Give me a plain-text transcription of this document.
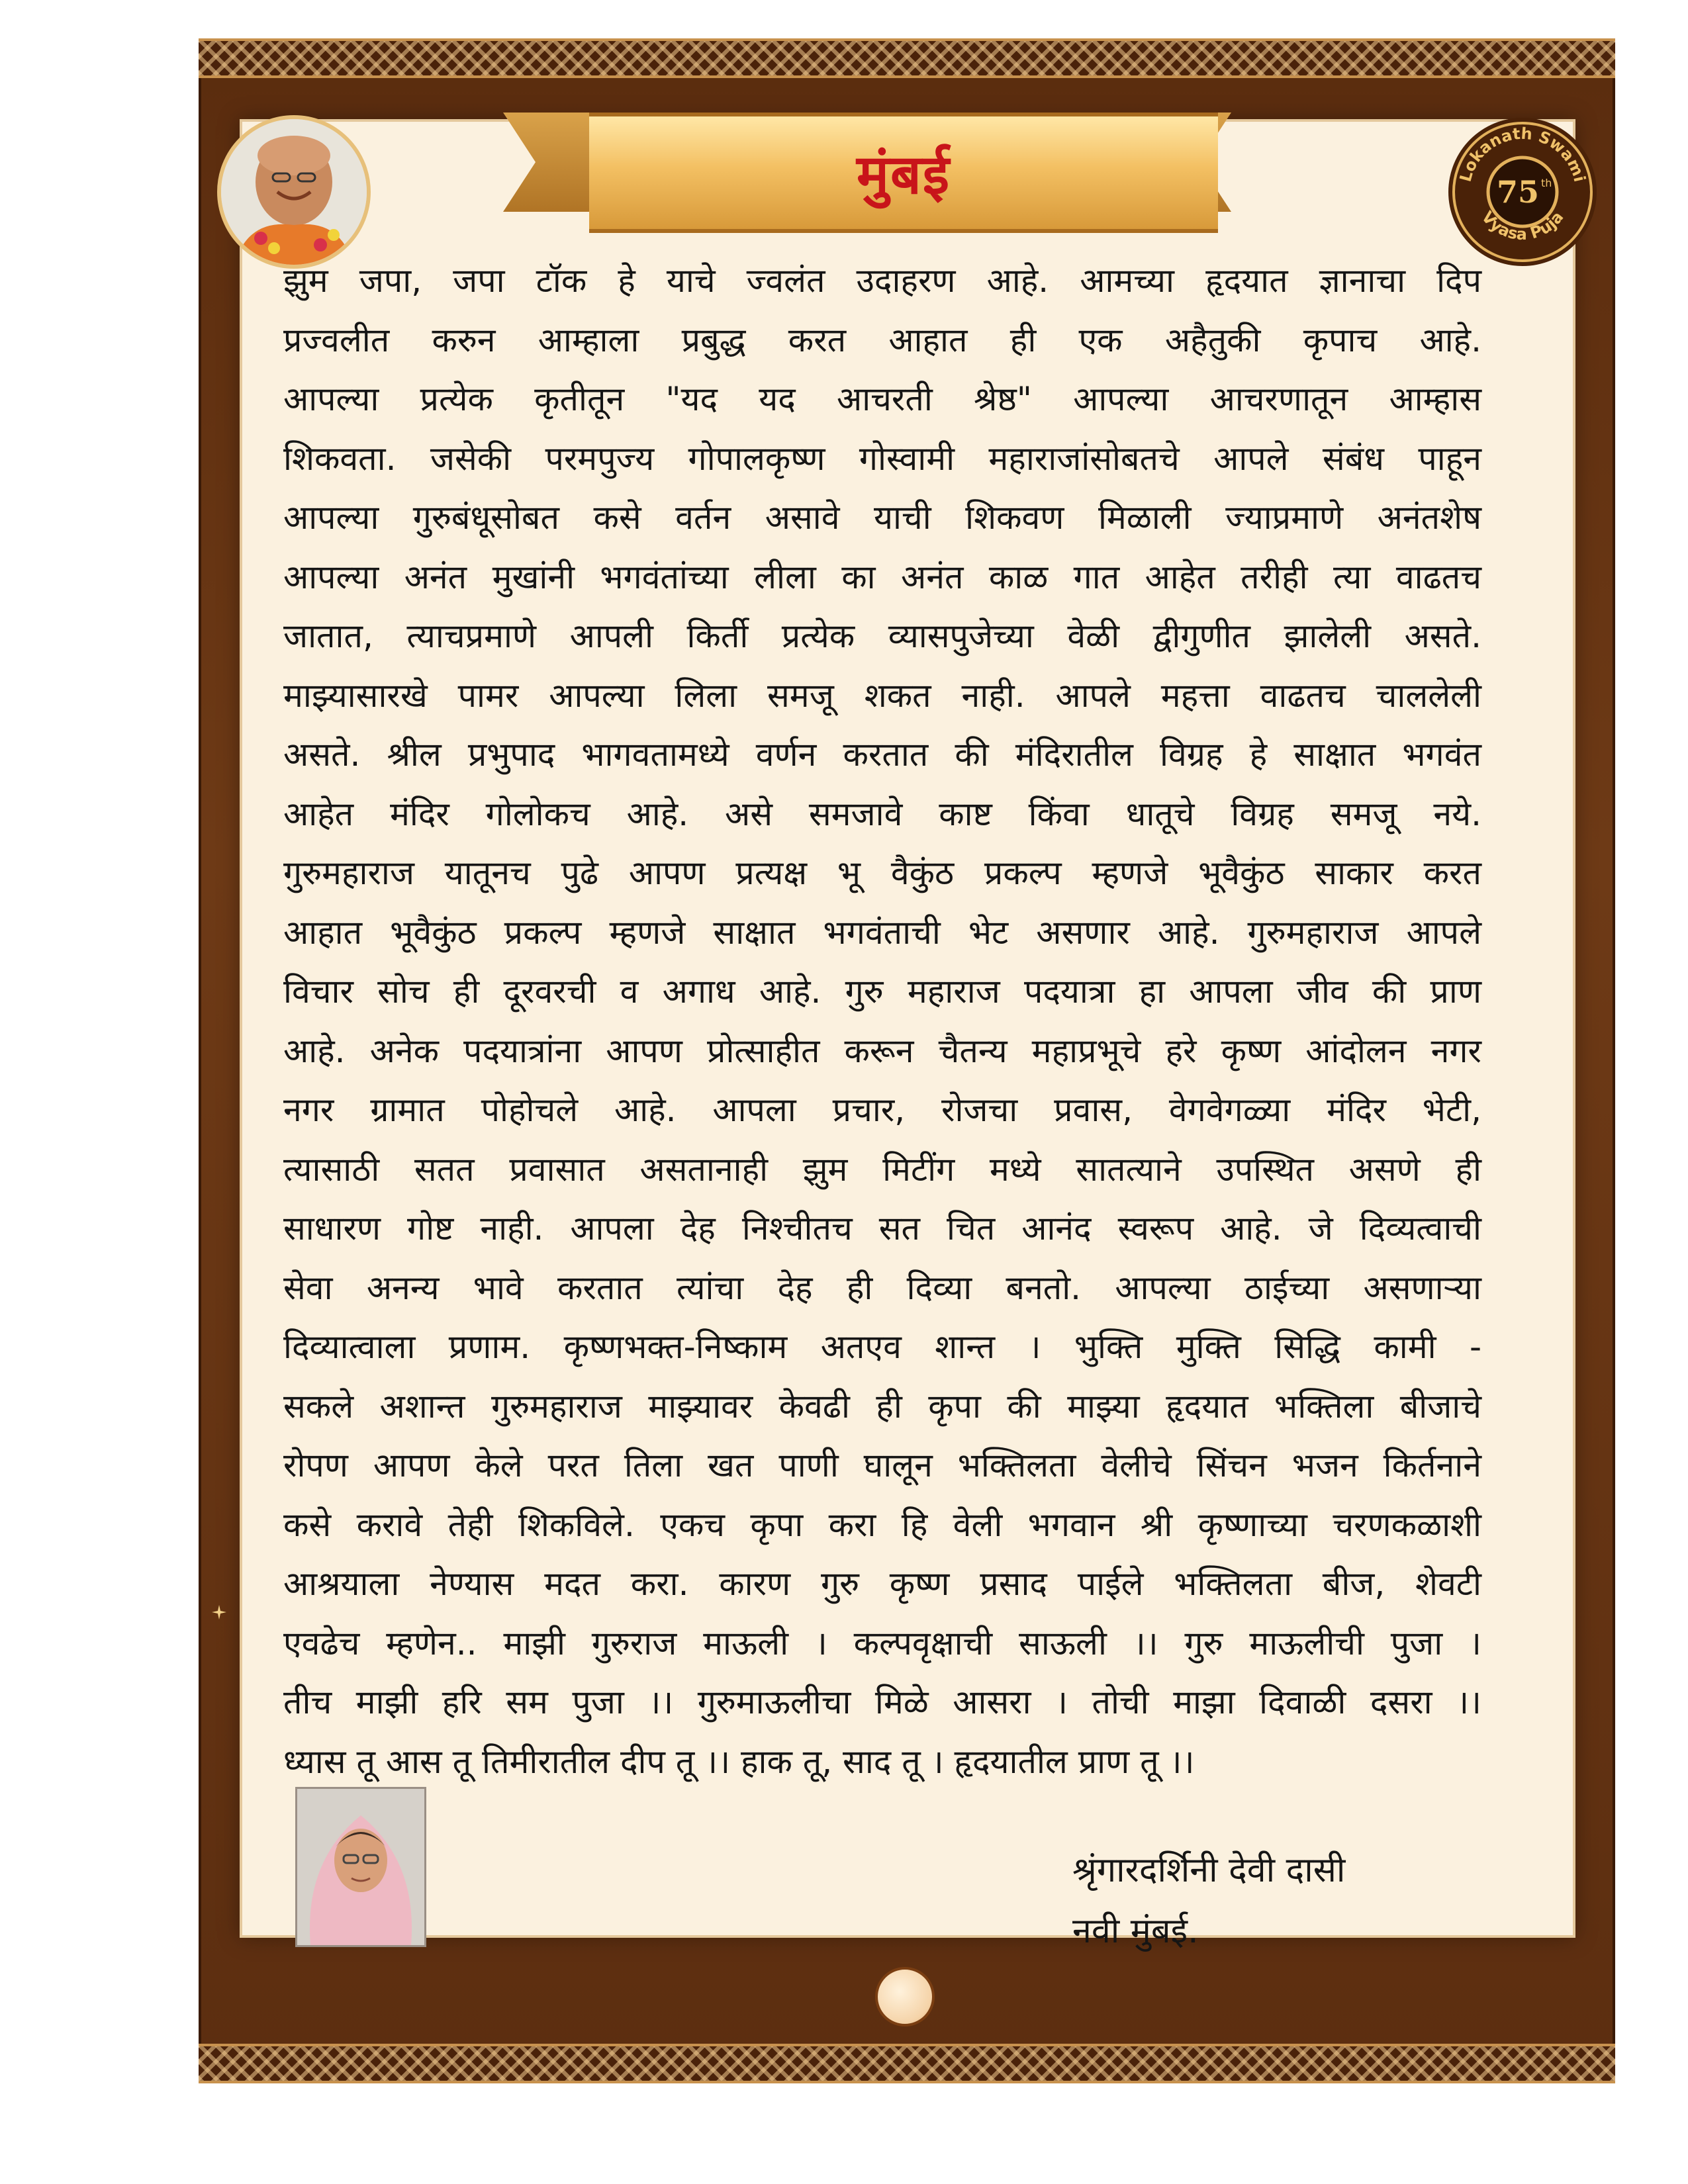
मुंबई	Lokanath Swami
Vyasa Puja
75 th
झुम जपा, जपा टॉक हे याचे ज्वलंत उदाहरण आहे. आमच्या हृदयात ज्ञानाचा दिप
प्रज्वलीत करुन आम्हाला प्रबुद्ध करत आहात ही एक अहैतुकी कृपाच आहे.
आपल्या प्रत्येक कृतीतून "यद यद आचरती श्रेष्ठ" आपल्या आचरणातून आम्हास
शिकवता. जसेकी परमपुज्य गोपालकृष्ण गोस्वामी महाराजांसोबतचे आपले संबंध पाहून
आपल्या गुरुबंधूसोबत कसे वर्तन असावे याची शिकवण मिळाली ज्याप्रमाणे अनंतशेष
आपल्या अनंत मुखांनी भगवंतांच्या लीला का अनंत काळ गात आहेत तरीही त्या वाढतच
जातात, त्याचप्रमाणे आपली किर्ती प्रत्येक व्यासपुजेच्या वेळी द्वीगुणीत झालेली असते.
माझ्यासारखे पामर आपल्या लिला समजू शकत नाही. आपले महत्ता वाढतच चाललेली
असते. श्रील प्रभुपाद भागवतामध्ये वर्णन करतात की मंदिरातील विग्रह हे साक्षात भगवंत
आहेत मंदिर गोलोकच आहे. असे समजावे काष्ट किंवा धातूचे विग्रह समजू नये.
गुरुमहाराज यातूनच पुढे आपण प्रत्यक्ष भू वैकुंठ प्रकल्प म्हणजे भूवैकुंठ साकार करत
आहात भूवैकुंठ प्रकल्प म्हणजे साक्षात भगवंताची भेट असणार आहे. गुरुमहाराज आपले
विचार सोच ही दूरवरची व अगाध आहे. गुरु महाराज पदयात्रा हा आपला जीव की प्राण
आहे. अनेक पदयात्रांना आपण प्रोत्साहीत करून चैतन्य महाप्रभूचे हरे कृष्ण आंदोलन नगर
नगर ग्रामात पोहोचले आहे. आपला प्रचार, रोजचा प्रवास, वेगवेगळ्या मंदिर भेटी,
त्यासाठी सतत प्रवासात असतानाही झुम मिटींग मध्ये सातत्याने उपस्थित असणे ही
साधारण गोष्ट नाही. आपला देह निश्चीतच सत चित आनंद स्वरूप आहे. जे दिव्यत्वाची
सेवा अनन्य भावे करतात त्यांचा देह ही दिव्या बनतो. आपल्या ठाईच्या असणाऱ्या
दिव्यात्वाला प्रणाम. कृष्णभक्त-निष्काम अतएव शान्त । भुक्ति मुक्ति सिद्धि कामी -
सकले अशान्त गुरुमहाराज माझ्यावर केवढी ही कृपा की माझ्या हृदयात भक्तिला बीजाचे
रोपण आपण केले परत तिला खत पाणी घालून भक्तिलता वेलीचे सिंचन भजन किर्तनाने
कसे करावे तेही शिकविले. एकच कृपा करा हि वेली भगवान श्री कृष्णाच्या चरणकळाशी
आश्रयाला नेण्यास मदत करा. कारण गुरु कृष्ण प्रसाद पाईले भक्तिलता बीज, शेवटी
एवढेच म्हणेन.. माझी गुरुराज माऊली । कल्पवृक्षाची साऊली ।। गुरु माऊलीची पुजा ।
तीच माझी हरि सम पुजा ।। गुरुमाऊलीचा मिळे आसरा । तोची माझा दिवाळी दसरा ।।
ध्यास तू आस तू तिमीरातील दीप तू ।। हाक तू, साद तू । हृदयातील प्राण तू ।।
श्रृंगारदर्शिनी देवी दासी
नवी मुंबई.
